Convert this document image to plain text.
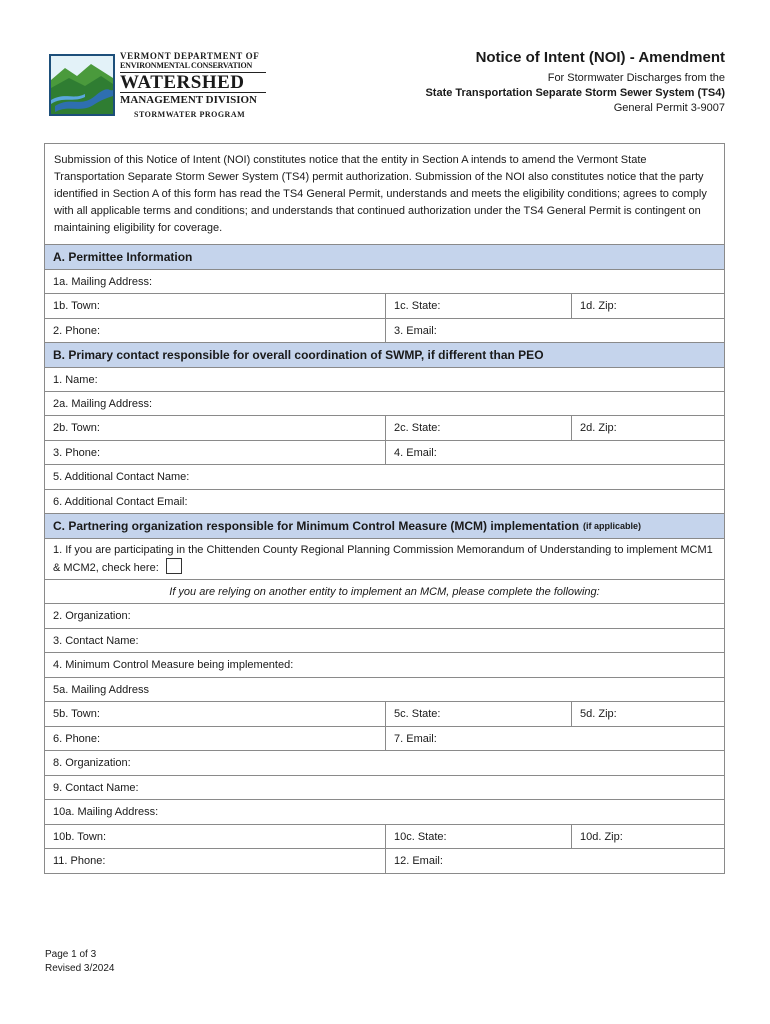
VERMONT DEPARTMENT OF
ENVIRONMENTAL CONSERVATION
WATERSHED
MANAGEMENT DIVISION
STORMWATER PROGRAM
Notice of Intent (NOI) - Amendment
For Stormwater Discharges from the
State Transportation Separate Storm Sewer System (TS4)
General Permit 3-9007
Submission of this Notice of Intent (NOI) constitutes notice that the entity in Section A intends to amend the Vermont State Transportation Separate Storm Sewer System (TS4) permit authorization. Submission of the NOI also constitutes notice that the party identified in Section A of this form has read the TS4 General Permit, understands and meets the eligibility conditions; agrees to comply with all applicable terms and conditions; and understands that continued authorization under the TS4 General Permit is contingent on maintaining eligibility for coverage.
A. Permittee Information
1a. Mailing Address:
1b. Town:	1c. State:	1d. Zip:
2. Phone:	3. Email:
B. Primary contact responsible for overall coordination of SWMP, if different than PEO
1. Name:
2a. Mailing Address:
2b. Town:	2c. State:	2d. Zip:
3. Phone:	4. Email:
5. Additional Contact Name:
6. Additional Contact Email:
C. Partnering organization responsible for Minimum Control Measure (MCM) implementation (if applicable)
1. If you are participating in the Chittenden County Regional Planning Commission Memorandum of Understanding to implement MCM1 & MCM2, check here:
If you are relying on another entity to implement an MCM, please complete the following:
2. Organization:
3. Contact Name:
4. Minimum Control Measure being implemented:
5a. Mailing Address
5b. Town:	5c. State:	5d. Zip:
6. Phone:	7. Email:
8. Organization:
9. Contact Name:
10a. Mailing Address:
10b. Town:	10c. State:	10d. Zip:
11. Phone:	12. Email:
Page 1 of 3
Revised 3/2024
